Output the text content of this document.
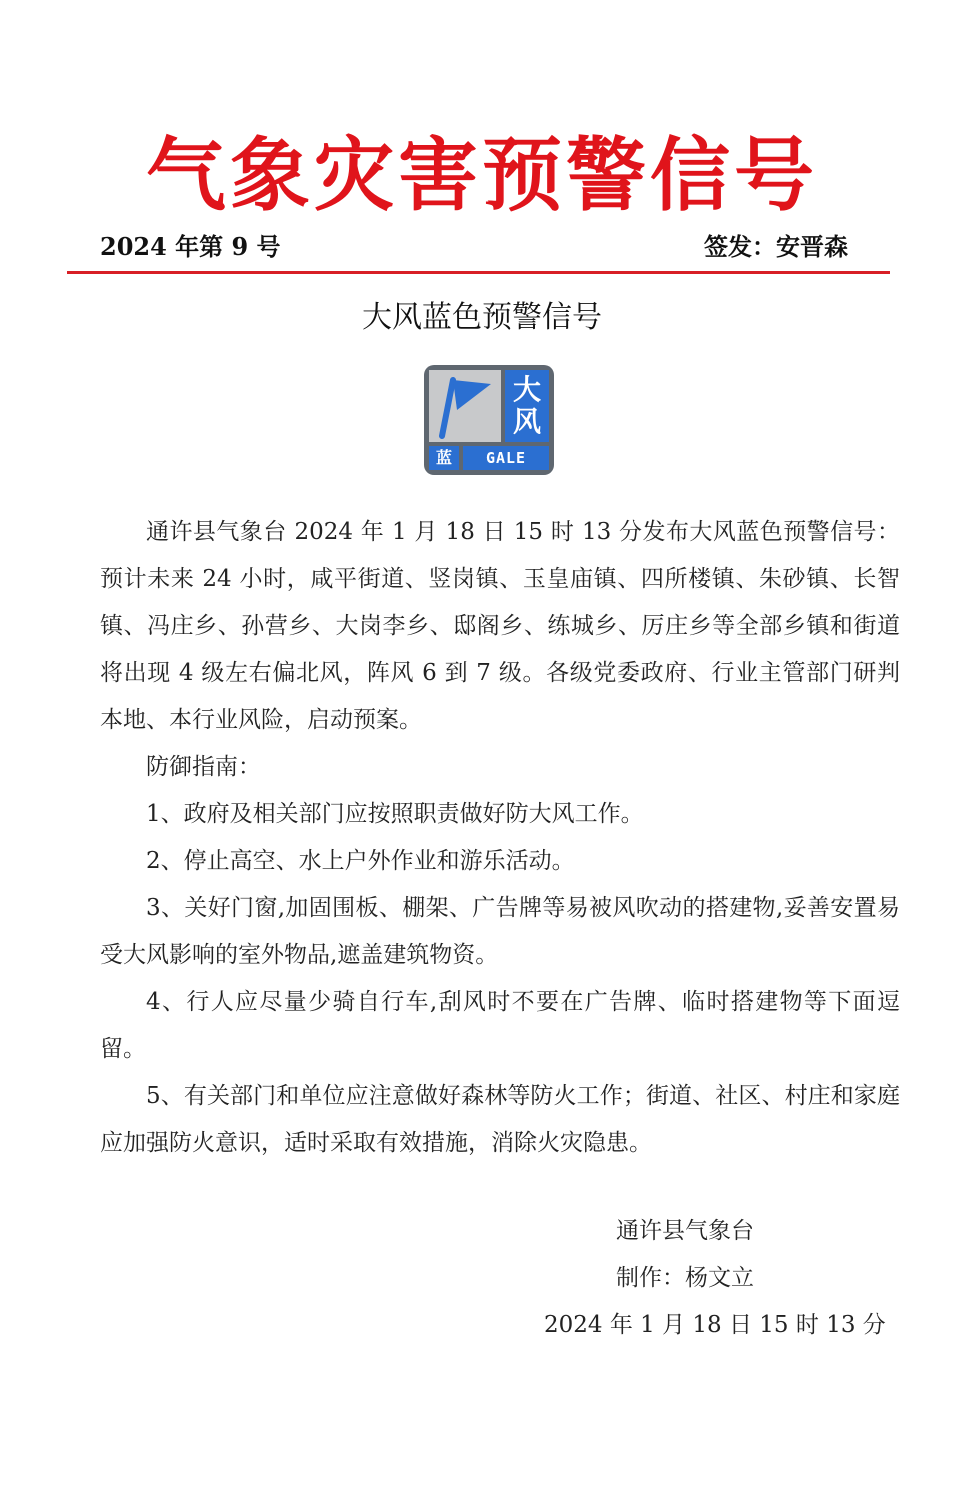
气象灾害预警信号
2024 年第 9 号	签发：安晋森
大风蓝色预警信号
大
风
蓝	GALE

通许县气象台 2024 年 1 月 18 日 15 时 13 分发布大风蓝色预警信号：预计未来 24 小时，咸平街道、竖岗镇、玉皇庙镇、四所楼镇、朱砂镇、长智镇、冯庄乡、孙营乡、大岗李乡、邸阁乡、练城乡、厉庄乡等全部乡镇和街道将出现 4 级左右偏北风，阵风 6 到 7 级。各级党委政府、行业主管部门研判本地、本行业风险，启动预案。

防御指南：

1、政府及相关部门应按照职责做好防大风工作。

2、停止高空、水上户外作业和游乐活动。

3、关好门窗,加固围板、棚架、广告牌等易被风吹动的搭建物,妥善安置易受大风影响的室外物品,遮盖建筑物资。

4、行人应尽量少骑自行车,刮风时不要在广告牌、临时搭建物等下面逗留。

5、有关部门和单位应注意做好森林等防火工作；街道、社区、村庄和家庭应加强防火意识，适时采取有效措施，消除火灾隐患。

通许县气象台
制作：杨文立
2024 年 1 月 18 日 15 时 13 分
